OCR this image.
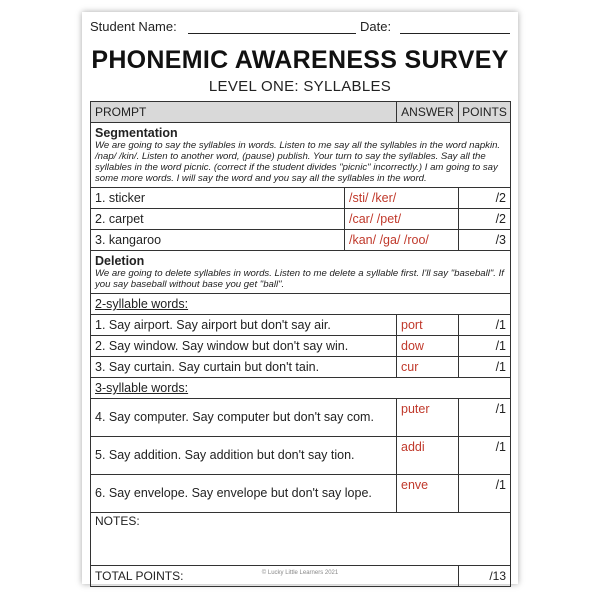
Student Name:	Date:
PHONEMIC AWARENESS SURVEY
LEVEL ONE: SYLLABLES
PROMPT		ANSWER	POINTS

Segmentation
We are going to say the syllables in words. Listen to me say all the syllables in the word napkin. /nap/ /kin/. Listen to another word, (pause) publish. Your turn to say the syllables. Say all the syllables in the word picnic. (correct if the student divides "picnic" incorrectly.) I am going to say some more words. I will say the word and you say all the syllables in the word.			

1. sticker	/sti/ /ker/		/2
2. carpet	/car/ /pet/		/2
3. kangaroo	/kan/ /ga/ /roo/		/3

Deletion
We are going to delete syllables in words. Listen to me delete a syllable first. I'll say "baseball". If you say baseball without base you get "ball".			

2-syllable words:			
1. Say airport. Say airport but don't say air.		port	/1
2. Say window. Say window but don't say win.		dow	/1
3. Say curtain. Say curtain but don't tain.		cur	/1
3-syllable words:			
4. Say computer. Say computer but don't say com.		puter	/1
5. Say addition. Say addition but don't say tion.		addi	/1
6. Say envelope. Say envelope but don't say lope.		enve	/1
NOTES:			
TOTAL POINTS:			/13
© Lucky Little Learners 2021
